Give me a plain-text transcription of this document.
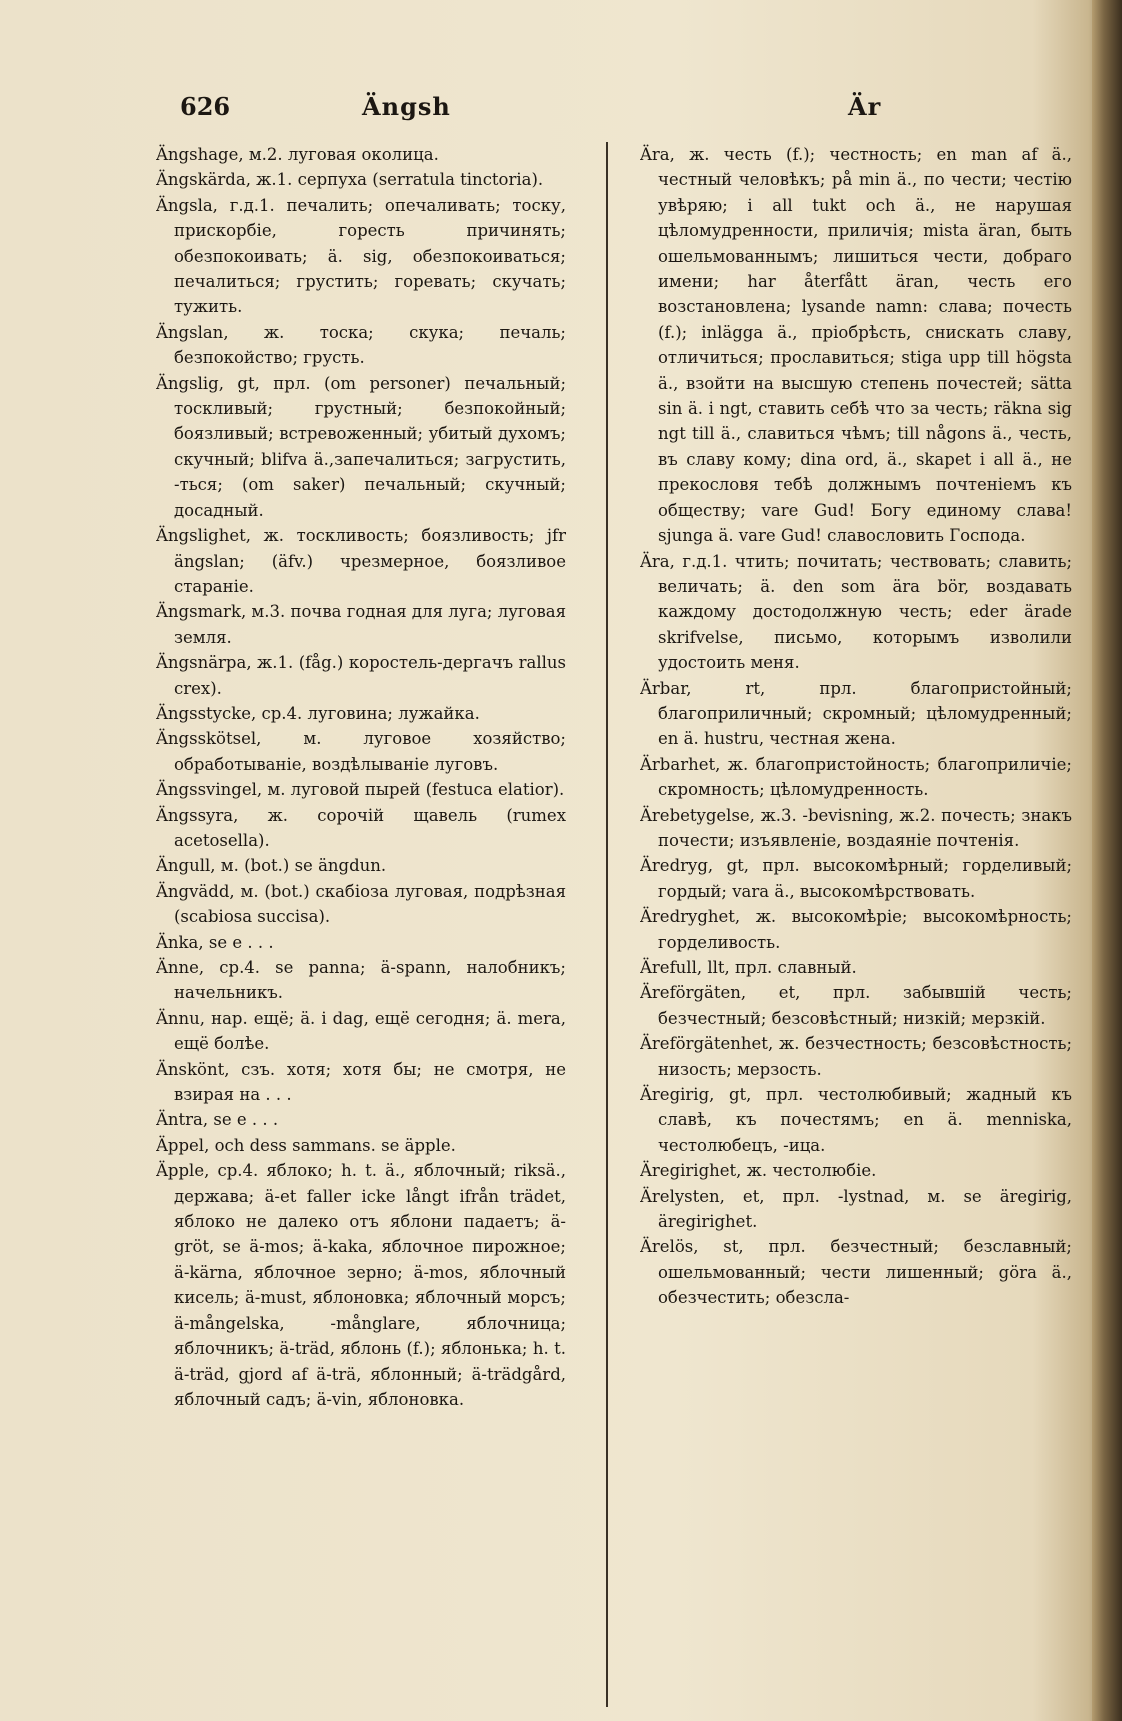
626	Ängsh	Är

Ängshage, м.2. луговая околица.

Ängskärda, ж.1. серпуха (serratula tinctoria).

Ängsla, г.д.1. печалить; опечаливать; тоску, прискорбіе, горесть причинять; обезпокоивать; ä. sig, обезпокоиваться; печалиться; грустить; горевать; скучать; тужить.

Ängslan, ж. тоска; скука; печаль; безпокойство; грусть.

Ängslig, gt, прл. (om personer) печальный; тоскливый; грустный; безпокойный; боязливый; встревоженный; убитый духомъ; скучный; blifva ä.,запечалиться; загрустить, -ться; (om saker) печальный; скучный; досадный.

Ängslighet, ж. тоскливость; боязливость; jfr ängslan; (äfv.) чрезмерное, боязливое стараніе.

Ängsmark, м.3. почва годная для луга; луговая земля.

Ängsnärpa, ж.1. (fåg.) коростель-дергачъ rallus crex).

Ängsstycke, ср.4. луговина; лужайка.

Ängsskötsel, м. луговое хозяйство; обработываніе, воздѣлываніе луговъ.

Ängssvingel, м. луговой пырей (festuca elatior).

Ängssyra, ж. сорочій щавель (rumex acetosella).

Ängull, м. (bot.) se ängdun.

Ängvädd, м. (bot.) скабіоза луговая, подрѣзная (scabiosa succisa).

Änka, se e . . .

Änne, ср.4. se panna; ä-spann, налобникъ; начельникъ.

Ännu, нар. ещё; ä. i dag, ещё сегодня; ä. mera, ещё болѣе.

Änskönt, сзъ. хотя; хотя бы; не смотря, не взирая на . . .

Äntra, se e . . .

Äppel, och dess sammans. se äpple.

Äpple, ср.4. яблоко; h. t. ä., яблочный; riksä., держава; ä-et faller icke långt ifrån trädet, яблоко не далеко отъ яблони падаетъ; ä-gröt, se ä-mos; ä-kaka, яблочное пирожное; ä-kärna, яблочное зерно; ä-mos, яблочный кисель; ä-must, яблоновка; яблочный морсъ; ä-mångelska, -månglare, яблочница; яблочникъ; ä-träd, яблонь (f.); яблонька; h. t. ä-träd, gjord af ä-trä, яблонный; ä-trädgård, яблочный садъ; ä-vin, яблоновка.

Ära, ж. честь (f.); честность; en man af ä., честный человѣкъ; på min ä., по чести; честію увѣряю; i all tukt och ä., не нарушая цѣломудренности, приличія; mista äran, быть ошельмованнымъ; лишиться чести, добраго имени; har återfått äran, честь его возстановлена; lysande namn: слава; почесть (f.); inlägga ä., пріобрѣсть, снискать славу, отличиться; прославиться; stiga upp till högsta ä., взойти на высшую степень почестей; sätta sin ä. i ngt, ставить себѣ что за честь; räkna sig ngt till ä., славиться чѣмъ; till någons ä., честь, въ славу кому; dina ord, ä., skapet i all ä., не прекословя тебѣ должнымъ почтеніемъ къ обществу; vare Gud! Богу единому слава! sjunga ä. vare Gud! славословить Господа.

Ära, г.д.1. чтить; почитать; чествовать; славить; величать; ä. den som ära bör, воздавать каждому достодолжную честь; eder ärade skrifvelse, письмо, которымъ изволили удостоить меня.

Ärbar, rt, прл. благопристойный; благоприличный; скромный; цѣломудренный; en ä. hustru, честная жена.

Ärbarhet, ж. благопристойность; благоприличіе; скромность; цѣломудренность.

Ärebetygelse, ж.3. -bevisning, ж.2. почесть; знакъ почести; изъявленіе, воздаяніе почтенія.

Äredryg, gt, прл. высокомѣрный; горделивый; гордый; vara ä., высокомѣрствовать.

Äredryghet, ж. высокомѣріе; высокомѣрность; горделивость.

Ärefull, llt, прл. славный.

Äreförgäten, et, прл. забывшій честь; безчестный; безсовѣстный; низкій; мерзкій.

Äreförgätenhet, ж. безчестность; безсовѣстность; низость; мерзость.

Äregirig, gt, прл. честолюбивый; жадный къ славѣ, къ почестямъ; en ä. menniska, честолюбецъ, -ица.

Äregirighet, ж. честолюбіе.

Ärelysten, et, прл. -lystnad, м. se äregirig, äregirighet.

Ärelös, st, прл. безчестный; безславный; ошельмованный; чести лишенный; göra ä., обезчестить; обезсла-
